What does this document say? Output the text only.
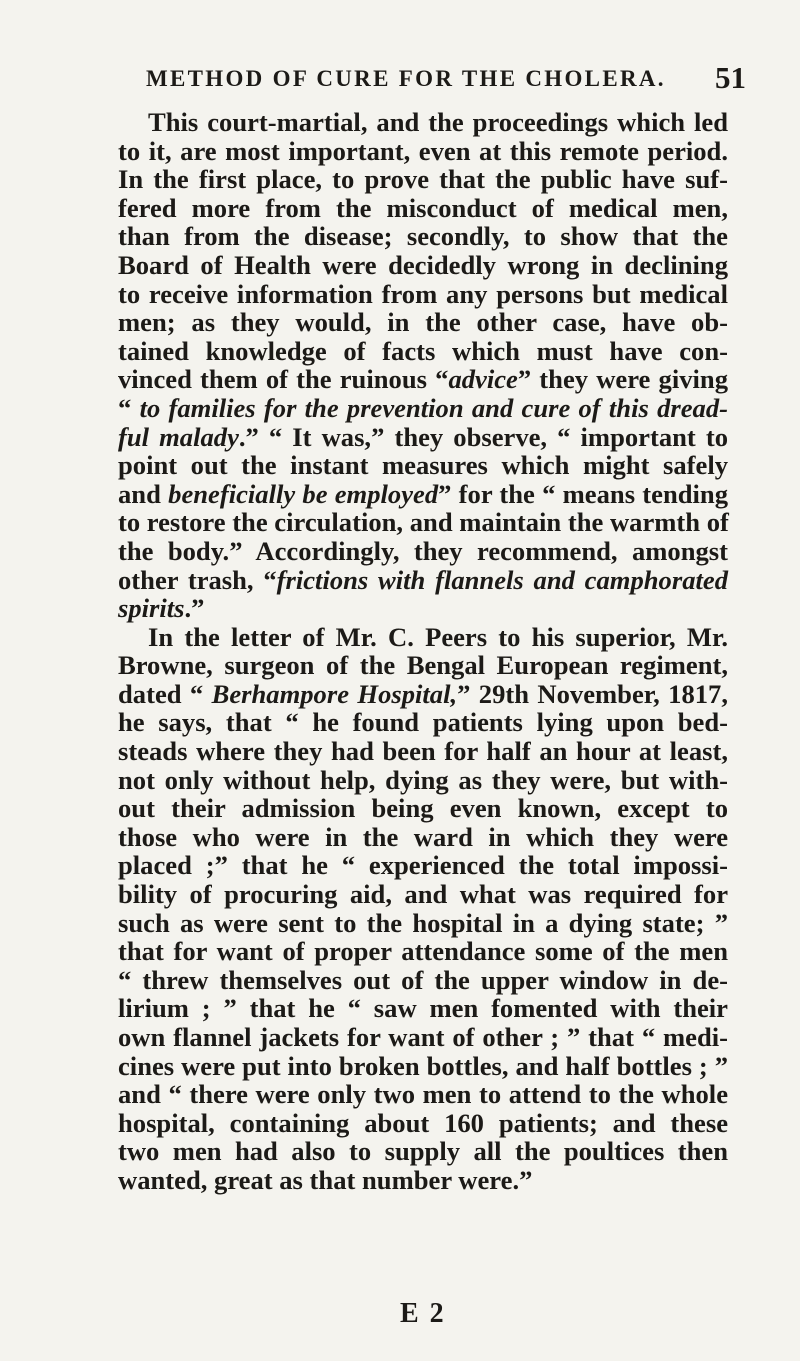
METHOD OF CURE FOR THE CHOLERA. 51
This court-martial, and the proceedings which led
to it, are most important, even at this remote period.
In the first place, to prove that the public have suf-
fered more from the misconduct of medical men,
than from the disease; secondly, to show that the
Board of Health were decidedly wrong in declining
to receive information from any persons but medical
men; as they would, in the other case, have ob-
tained knowledge of facts which must have con-
vinced them of the ruinous “advice” they were giving
“ to families for the prevention and cure of this dread-
ful malady.” “ It was,” they observe, “ important to
point out the instant measures which might safely
and beneficially be employed” for the “ means tending
to restore the circulation, and maintain the warmth of
the body.” Accordingly, they recommend, amongst
other trash, “frictions with flannels and camphorated
spirits.”
In the letter of Mr. C. Peers to his superior, Mr.
Browne, surgeon of the Bengal European regiment,
dated “ Berhampore Hospital,” 29th November, 1817,
he says, that “ he found patients lying upon bed-
steads where they had been for half an hour at least,
not only without help, dying as they were, but with-
out their admission being even known, except to
those who were in the ward in which they were
placed ;” that he “ experienced the total impossi-
bility of procuring aid, and what was required for
such as were sent to the hospital in a dying state; ”
that for want of proper attendance some of the men
“ threw themselves out of the upper window in de-
lirium ; ” that he “ saw men fomented with their
own flannel jackets for want of other ; ” that “ medi-
cines were put into broken bottles, and half bottles ; ”
and “ there were only two men to attend to the whole
hospital, containing about 160 patients; and these
two men had also to supply all the poultices then
wanted, great as that number were.”
E 2
